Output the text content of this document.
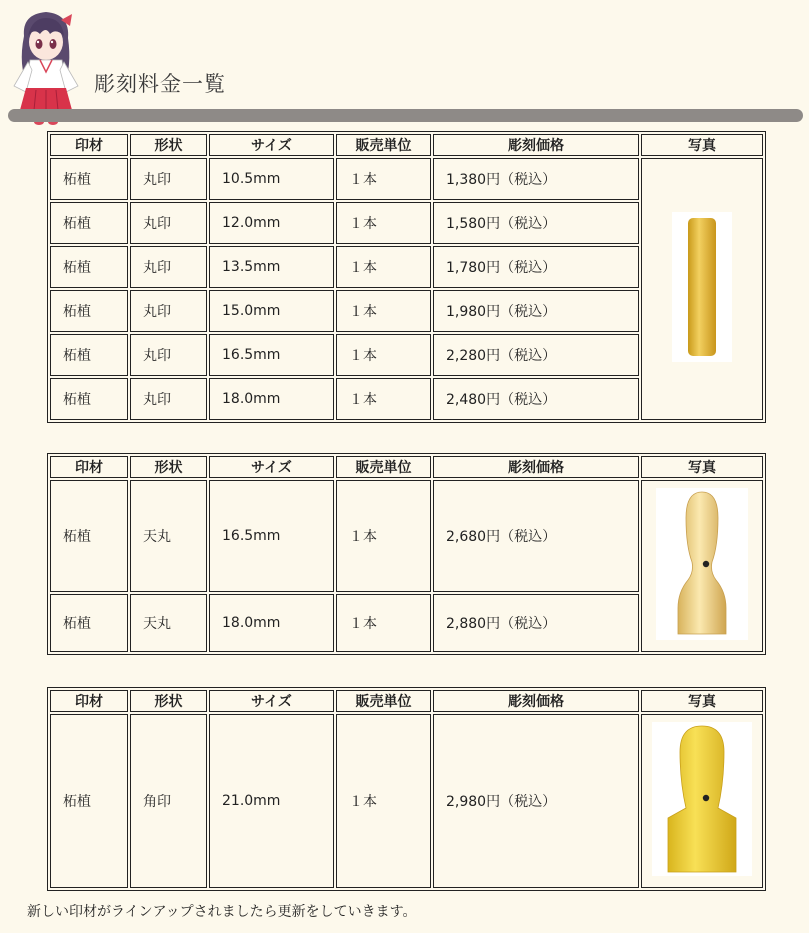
彫刻料金一覧
印材	形状	サイズ	販売単位	彫刻価格	写真
柘植	丸印	10.5mm	１本	1,380円（税込）	
柘植	丸印	12.0mm	１本	1,580円（税込）	
柘植	丸印	13.5mm	１本	1,780円（税込）	
柘植	丸印	15.0mm	１本	1,980円（税込）	
柘植	丸印	16.5mm	１本	2,280円（税込）	
柘植	丸印	18.0mm	１本	2,480円（税込）	
印材	形状	サイズ	販売単位	彫刻価格	写真
柘植	天丸	16.5mm	１本	2,680円（税込）	
柘植	天丸	18.0mm	１本	2,880円（税込）	
印材	形状	サイズ	販売単位	彫刻価格	写真
柘植	角印	21.0mm	１本	2,980円（税込）	
新しい印材がラインアップされましたら更新をしていきます。
